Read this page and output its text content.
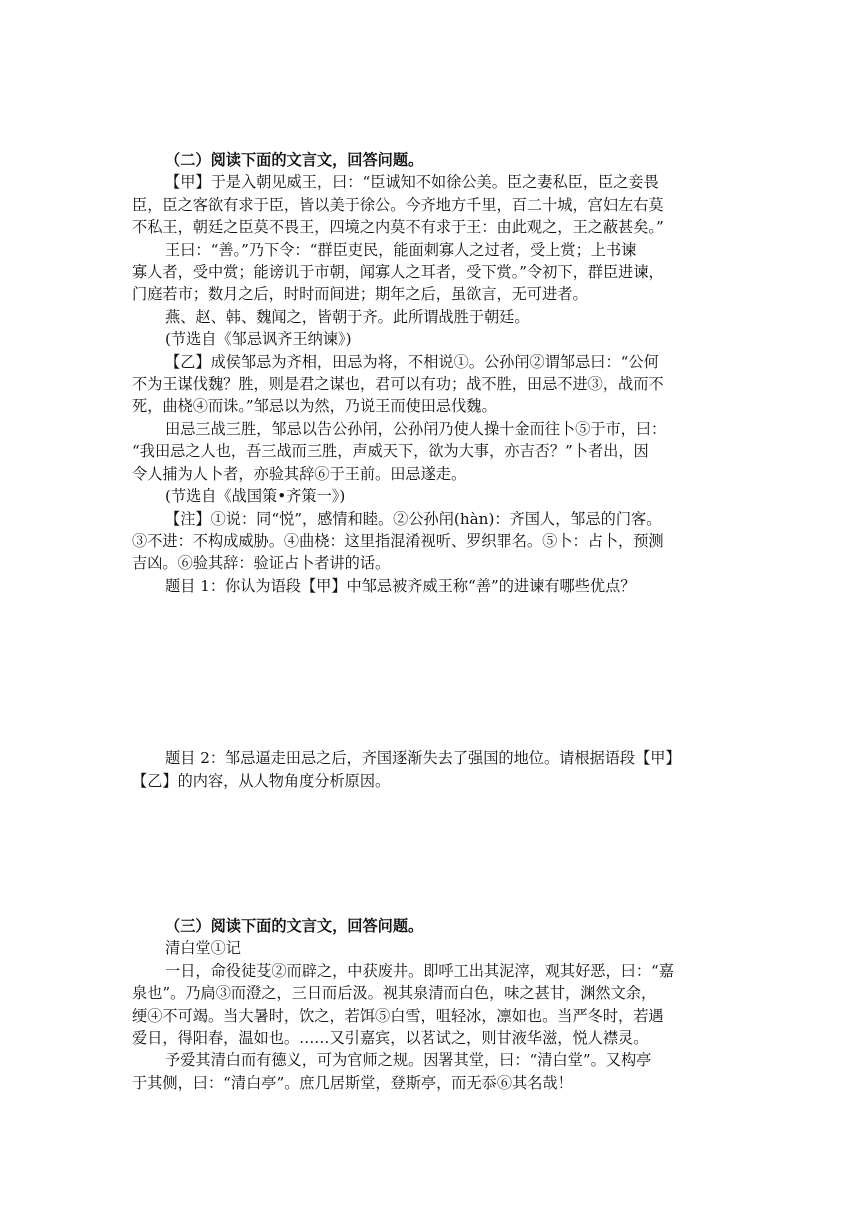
（二）阅读下面的文言文，回答问题。
【甲】于是入朝见威王，曰：“臣诚知不如徐公美。臣之妻私臣，臣之妾畏
臣，臣之客欲有求于臣，皆以美于徐公。今齐地方千里，百二十城，宫妇左右莫
不私王，朝廷之臣莫不畏王，四境之内莫不有求于王：由此观之，王之蔽甚矣。”
王曰：“善。”乃下令：“群臣吏民，能面刺寡人之过者，受上赏；上书谏
寡人者，受中赏；能谤讥于市朝，闻寡人之耳者，受下赏。”令初下，群臣进谏，
门庭若市；数月之后，时时而间进；期年之后，虽欲言，无可进者。
燕、赵、韩、魏闻之，皆朝于齐。此所谓战胜于朝廷。
(节选自《邹忌讽齐王纳谏》)
【乙】成侯邹忌为齐相，田忌为将，不相说①。公孙闬②谓邹忌曰：“公何
不为王谋伐魏？胜，则是君之谋也，君可以有功；战不胜，田忌不进③，战而不
死，曲桡④而诛。”邹忌以为然，乃说王而使田忌伐魏。
田忌三战三胜，邹忌以告公孙闬，公孙闬乃使人操十金而往卜⑤于市，曰：
“我田忌之人也，吾三战而三胜，声威天下，欲为大事，亦吉否？”卜者出，因
令人捕为人卜者，亦验其辞⑥于王前。田忌遂走。
(节选自《战国策•齐策一》)
【注】①说：同“悦”，感情和睦。②公孙闬(hàn)：齐国人，邹忌的门客。
③不进：不构成威胁。④曲桡：这里指混淆视听、罗织罪名。⑤卜：占卜，预测
吉凶。⑥验其辞：验证占卜者讲的话。
题目 1：你认为语段【甲】中邹忌被齐威王称“善”的进谏有哪些优点？
题目 2：邹忌逼走田忌之后，齐国逐渐失去了强国的地位。请根据语段【甲】
【乙】的内容，从人物角度分析原因。
（三）阅读下面的文言文，回答问题。
清白堂①记
一日，命役徒芟②而辟之，中获废井。即呼工出其泥滓，观其好恶，曰：“嘉
泉也”。乃扃③而澄之，三日而后汲。视其泉清而白色，味之甚甘，渊然文余，
绠④不可竭。当大暑时，饮之，若饵⑤白雪，咀轻冰，凛如也。当严冬时，若遇
爱日，得阳春，温如也。……又引嘉宾，以茗试之，则甘液华滋，悦人襟灵。
予爱其清白而有德义，可为官师之规。因署其堂，曰：“清白堂”。又构亭
于其侧，曰：“清白亭”。庶几居斯堂，登斯亭，而无忝⑥其名哉！
